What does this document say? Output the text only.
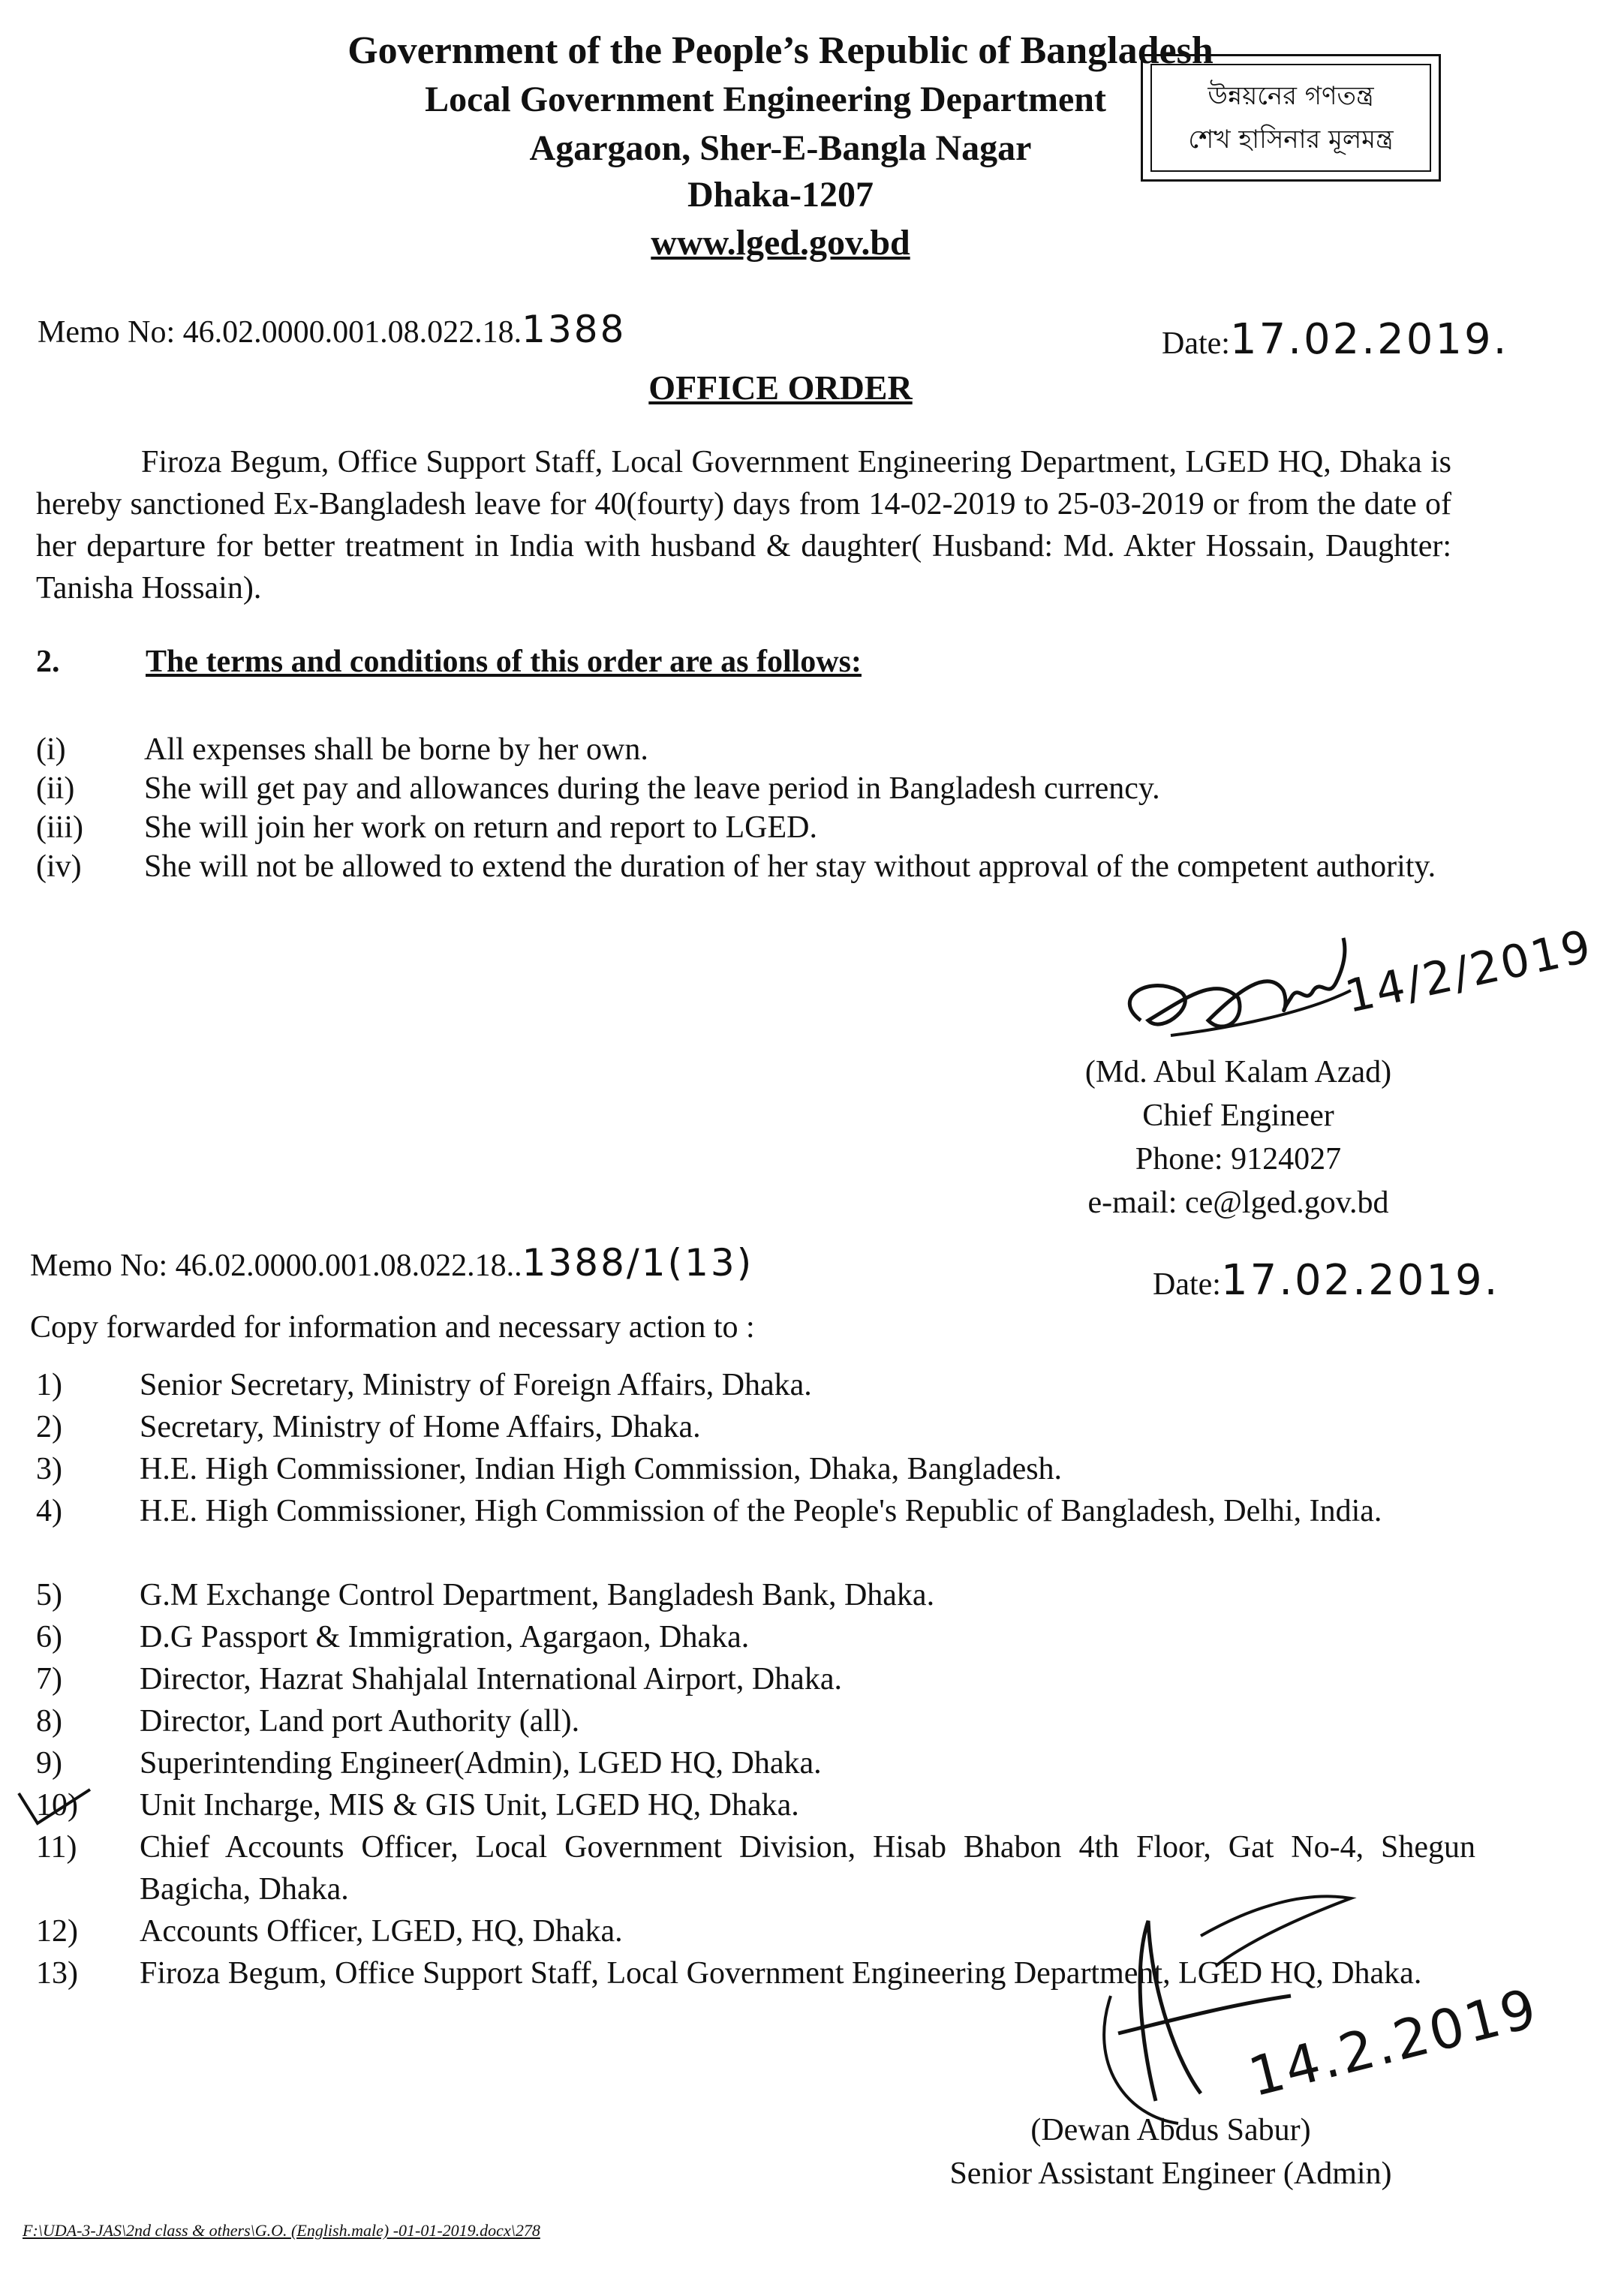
Government of the People’s Republic of Bangladesh
Local Government Engineering Department
Agargaon, Sher-E-Bangla Nagar
Dhaka-1207
www.lged.gov.bd
উন্নয়নের গণতন্ত্র
শেখ হাসিনার মূলমন্ত্র
Memo No: 46.02.0000.001.08.022.18.1388	Date:17.02.2019.
OFFICE ORDER
Firoza Begum, Office Support Staff, Local Government Engineering Department, LGED HQ, Dhaka is hereby sanctioned Ex-Bangladesh leave for 40(fourty) days from 14-02-2019 to 25-03-2019 or from the date of her departure for better treatment in India with husband & daughter( Husband: Md. Akter Hossain, Daughter: Tanisha Hossain).
2.	The terms and conditions of this order are as follows:
(i) All expenses shall be borne by her own.
(ii) She will get pay and allowances during the leave period in Bangladesh currency.
(iii) She will join her work on return and report to LGED.
(iv) She will not be allowed to extend the duration of her stay without approval of the competent authority.
14/2/2019
(Md. Abul Kalam Azad)
Chief Engineer
Phone: 9124027
e-mail: ce@lged.gov.bd
Memo No: 46.02.0000.001.08.022.18..1388/1(13)	Date:17.02.2019.
Copy forwarded for information and necessary action to :
1) Senior Secretary, Ministry of Foreign Affairs, Dhaka.
2) Secretary, Ministry of Home Affairs, Dhaka.
3) H.E. High Commissioner, Indian High Commission, Dhaka, Bangladesh.
4) H.E. High Commissioner, High Commission of the People's Republic of Bangladesh, Delhi, India.
5) G.M Exchange Control Department, Bangladesh Bank, Dhaka.
6) D.G Passport & Immigration, Agargaon, Dhaka.
7) Director, Hazrat Shahjalal International Airport, Dhaka.
8) Director, Land port Authority (all).
9) Superintending Engineer(Admin), LGED HQ, Dhaka.
10) Unit Incharge, MIS & GIS Unit, LGED HQ, Dhaka.
11) Chief Accounts Officer, Local Government Division, Hisab Bhabon 4th Floor, Gat No-4, Shegun Bagicha, Dhaka.
12) Accounts Officer, LGED, HQ, Dhaka.
13) Firoza Begum, Office Support Staff, Local Government Engineering Department, LGED HQ, Dhaka.
14.2.2019
(Dewan Abdus Sabur)
Senior Assistant Engineer (Admin)
F:\UDA-3-JAS\2nd class & others\G.O. (English.male) -01-01-2019.docx\278
